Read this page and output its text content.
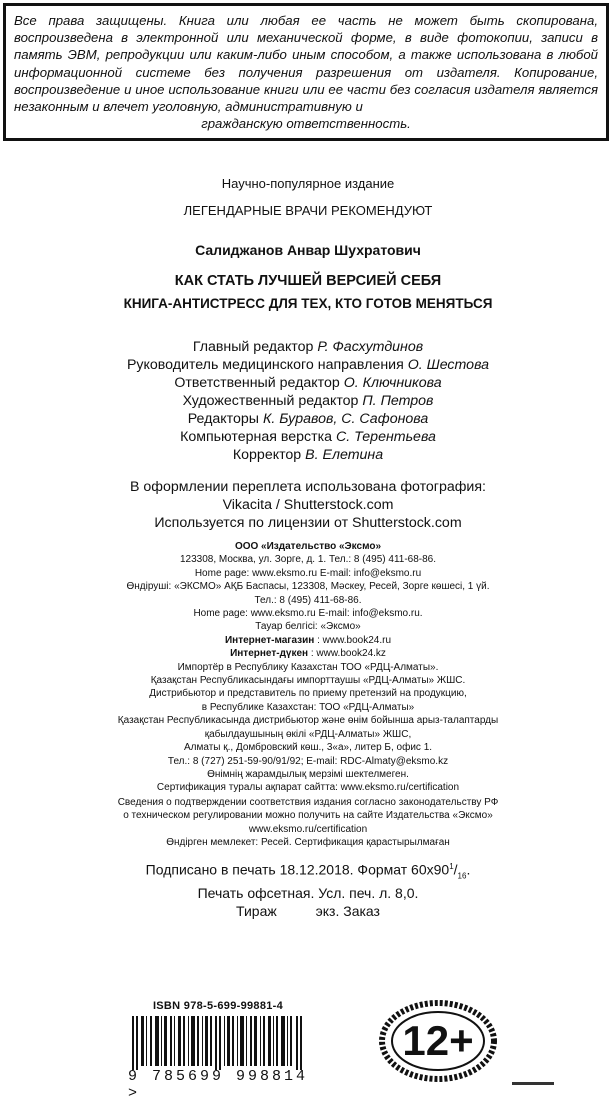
Все права защищены. Книга или любая ее часть не может быть скопирована, воспроизведена в электронной или механической форме, в виде фотокопии, записи в память ЭВМ, репродукции или каким-либо иным способом, а также использована в любой информационной системе без получения разрешения от издателя. Копирование, воспроизведение и иное использование книги или ее части без согласия издателя является незаконным и влечет уголовную, административную и
гражданскую ответственность.

Научно-популярное издание
ЛЕГЕНДАРНЫЕ ВРАЧИ РЕКОМЕНДУЮТ
Салиджанов Анвар Шухратович
КАК СТАТЬ ЛУЧШЕЙ ВЕРСИЕЙ СЕБЯ
КНИГА-АНТИСТРЕСС ДЛЯ ТЕХ, КТО ГОТОВ МЕНЯТЬСЯ
Главный редактор Р. Фасхутдинов
Руководитель медицинского направления О. Шестова
Ответственный редактор О. Ключникова
Художественный редактор П. Петров
Редакторы К. Буравов, С. Сафонова
Компьютерная верстка С. Терентьева
Корректор В. Елетина
В оформлении переплета использована фотография:
Vikacita / Shutterstock.com
Используется по лицензии от Shutterstock.com
ООО «Издательство «Эксмо»
123308, Москва, ул. Зорге, д. 1. Тел.: 8 (495) 411-68-86.
Home page: www.eksmo.ru E-mail: info@eksmo.ru
Өндіруші: «ЭКСМО» АҚБ Баспасы, 123308, Мәскеу, Ресей, Зорге көшесі, 1 үй.
Тел.: 8 (495) 411-68-86.
Home page: www.eksmo.ru E-mail: info@eksmo.ru.
Тауар белгісі: «Эксмо»
Интернет-магазин : www.book24.ru
Интернет-дүкен : www.book24.kz
Импортёр в Республику Казахстан ТОО «РДЦ-Алматы».
Қазақстан Республикасындағы импорттаушы «РДЦ-Алматы» ЖШС.
Дистрибьютор и представитель по приему претензий на продукцию,
в Республике Казахстан: ТОО «РДЦ-Алматы»
Қазақстан Республикасында дистрибьютор және өнім бойынша арыз-талаптарды
қабылдаушының өкілі «РДЦ-Алматы» ЖШС,
Алматы қ., Домбровский көш., 3«а», литер Б, офис 1.
Тел.: 8 (727) 251-59-90/91/92; E-mail: RDC-Almaty@eksmo.kz
Өнімнің жарамдылық мерзімі шектелмеген.
Сертификация туралы ақпарат сайтта: www.eksmo.ru/certification
Сведения о подтверждении соответствия издания согласно законодательству РФ
о техническом регулировании можно получить на сайте Издательства «Эксмо»
www.eksmo.ru/certification
Өндірген мемлекет: Ресей. Сертификация қарастырылмаған
Подписано в печать 18.12.2018. Формат $60x90^1/_{16}$.
Печать офсетная. Усл. печ. л. 8,0.
Тираж          экз. Заказ
ISBN 978-5-699-99881-4
9 785699 998814 >
12+
